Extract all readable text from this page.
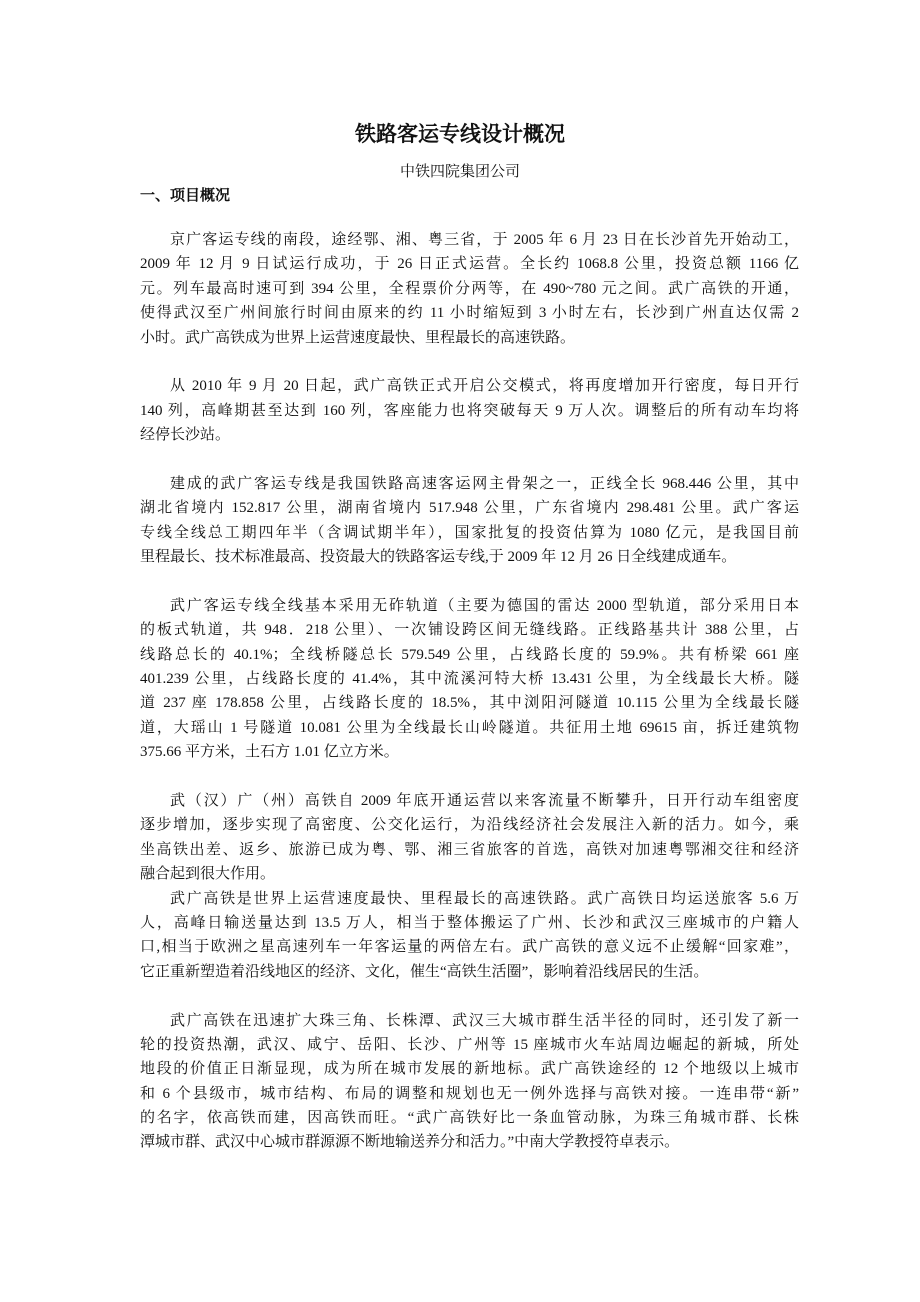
铁路客运专线设计概况
中铁四院集团公司
一、项目概况
京广客运专线的南段，途经鄂、湘、粤三省，于 2005 年 6 月 23 日在长沙首先开始动工，
2009 年 12 月 9 日试运行成功，于 26 日正式运营。全长约 1068.8 公里，投资总额 1166 亿
元。列车最高时速可到 394 公里，全程票价分两等，在 490~780 元之间。武广高铁的开通，
使得武汉至广州间旅行时间由原来的约 11 小时缩短到 3 小时左右，长沙到广州直达仅需 2
小时。武广高铁成为世界上运营速度最快、里程最长的高速铁路。
从 2010 年 9 月 20 日起，武广高铁正式开启公交模式，将再度增加开行密度，每日开行
140 列，高峰期甚至达到 160 列，客座能力也将突破每天 9 万人次。调整后的所有动车均将
经停长沙站。
建成的武广客运专线是我国铁路高速客运网主骨架之一，正线全长 968.446 公里，其中
湖北省境内 152.817 公里，湖南省境内 517.948 公里，广东省境内 298.481 公里。武广客运
专线全线总工期四年半（含调试期半年），国家批复的投资估算为 1080 亿元，是我国目前
里程最长、技术标准最高、投资最大的铁路客运专线,于 2009 年 12 月 26 日全线建成通车。
武广客运专线全线基本采用无砟轨道（主要为德国的雷达 2000 型轨道，部分采用日本
的板式轨道，共 948．218 公里）、一次铺设跨区间无缝线路。正线路基共计 388 公里，占
线路总长的 40.1%；全线桥隧总长 579.549 公里，占线路长度的 59.9%。共有桥梁 661 座
401.239 公里，占线路长度的 41.4%，其中流溪河特大桥 13.431 公里，为全线最长大桥。隧
道 237 座 178.858 公里，占线路长度的 18.5%，其中浏阳河隧道 10.115 公里为全线最长隧
道，大瑶山 1 号隧道 10.081 公里为全线最长山岭隧道。共征用土地 69615 亩，拆迁建筑物
375.66 平方米，土石方 1.01 亿立方米。
武（汉）广（州）高铁自 2009 年底开通运营以来客流量不断攀升，日开行动车组密度
逐步增加，逐步实现了高密度、公交化运行，为沿线经济社会发展注入新的活力。如今，乘
坐高铁出差、返乡、旅游已成为粤、鄂、湘三省旅客的首选，高铁对加速粤鄂湘交往和经济
融合起到很大作用。
武广高铁是世界上运营速度最快、里程最长的高速铁路。武广高铁日均运送旅客 5.6 万
人，高峰日输送量达到 13.5 万人，相当于整体搬运了广州、长沙和武汉三座城市的户籍人
口,相当于欧洲之星高速列车一年客运量的两倍左右。武广高铁的意义远不止缓解“回家难”，
它正重新塑造着沿线地区的经济、文化，催生“高铁生活圈”，影响着沿线居民的生活。
武广高铁在迅速扩大珠三角、长株潭、武汉三大城市群生活半径的同时，还引发了新一
轮的投资热潮，武汉、咸宁、岳阳、长沙、广州等 15 座城市火车站周边崛起的新城，所处
地段的价值正日渐显现，成为所在城市发展的新地标。武广高铁途经的 12 个地级以上城市
和 6 个县级市，城市结构、布局的调整和规划也无一例外选择与高铁对接。一连串带“新”
的名字，依高铁而建，因高铁而旺。“武广高铁好比一条血管动脉，为珠三角城市群、长株
潭城市群、武汉中心城市群源源不断地输送养分和活力。”中南大学教授符卓表示。
